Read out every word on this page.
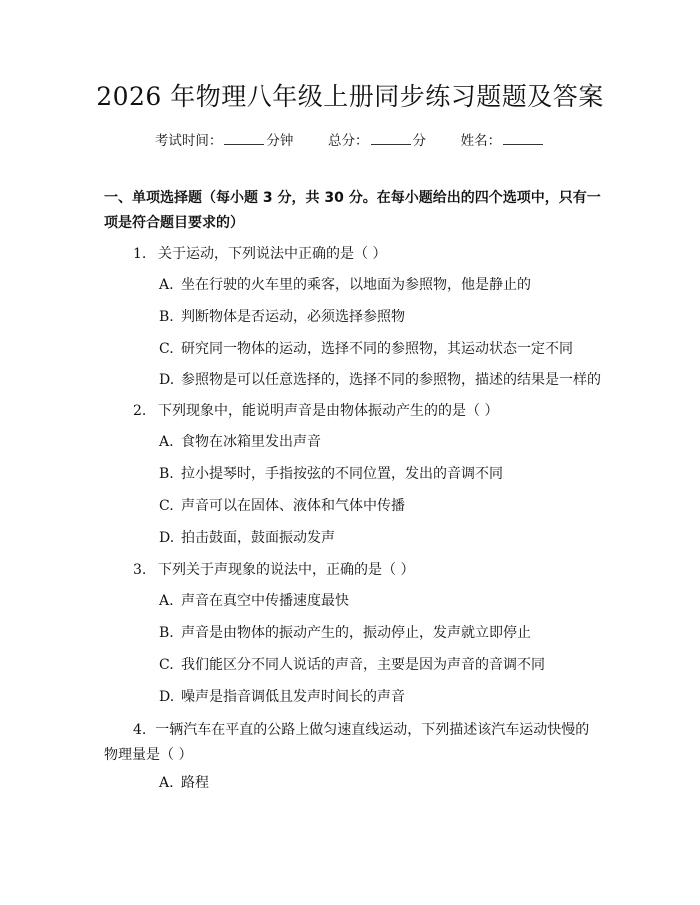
2026 年物理八年级上册同步练习题题及答案
考试时间：	分钟	总分：	分	姓名：
一、单项选择题（每小题 3 分，共 30 分。在每小题给出的四个选项中，只有一项是符合题目要求的）
1. 关于运动，下列说法中正确的是（ ）
A. 坐在行驶的火车里的乘客，以地面为参照物，他是静止的
B. 判断物体是否运动，必须选择参照物
C. 研究同一物体的运动，选择不同的参照物，其运动状态一定不同
D. 参照物是可以任意选择的，选择不同的参照物，描述的结果是一样的
2. 下列现象中，能说明声音是由物体振动产生的的是（ ）
A. 食物在冰箱里发出声音
B. 拉小提琴时，手指按弦的不同位置，发出的音调不同
C. 声音可以在固体、液体和气体中传播
D. 拍击鼓面，鼓面振动发声
3. 下列关于声现象的说法中，正确的是（ ）
A. 声音在真空中传播速度最快
B. 声音是由物体的振动产生的，振动停止，发声就立即停止
C. 我们能区分不同人说话的声音，主要是因为声音的音调不同
D. 噪声是指音调低且发声时间长的声音
4. 一辆汽车在平直的公路上做匀速直线运动，下列描述该汽车运动快慢的物理量是（ ）
A. 路程
